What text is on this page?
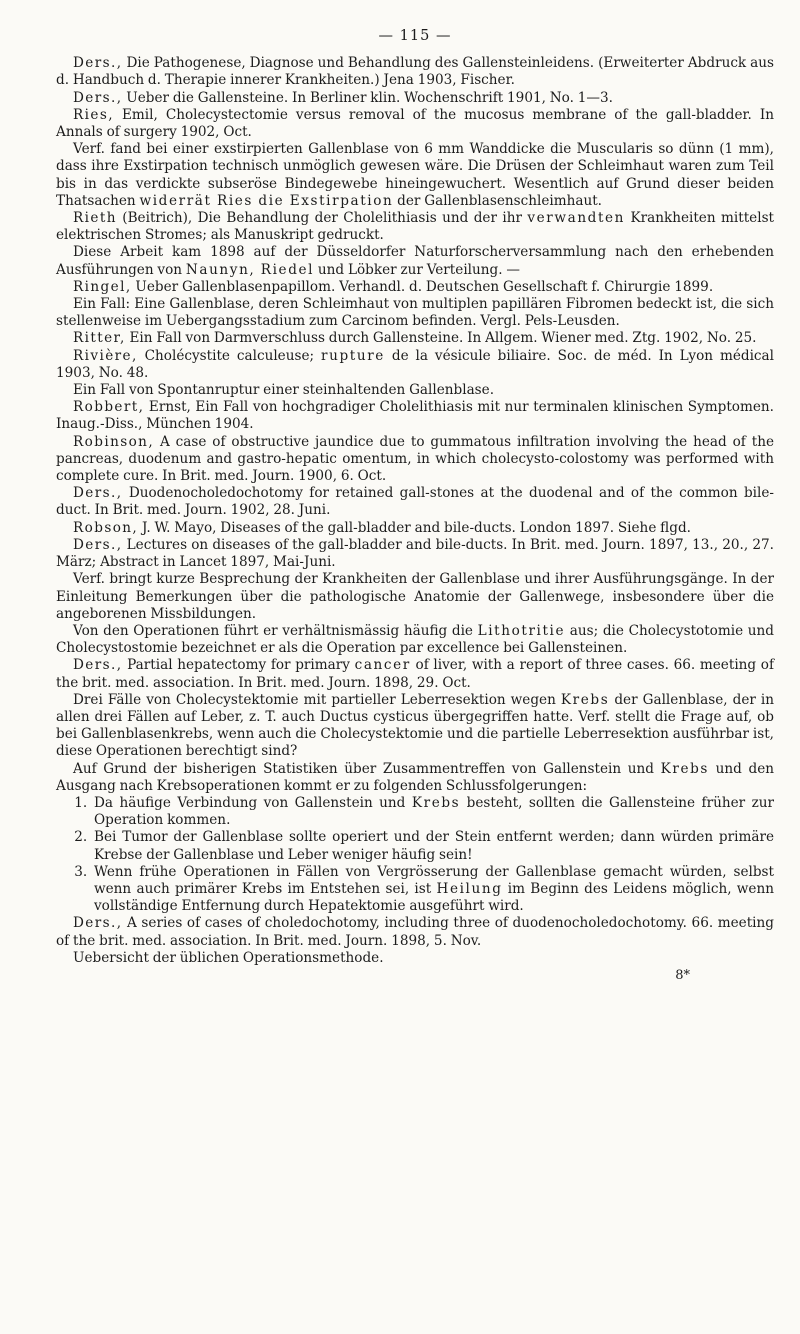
— 115 —

Ders., Die Pathogenese, Diagnose und Behandlung des Gallensteinleidens. (Erweiterter Abdruck aus d. Handbuch d. Therapie innerer Krankheiten.) Jena 1903, Fischer.

Ders., Ueber die Gallensteine. In Berliner klin. Wochenschrift 1901, No. 1—3.

Ries, Emil, Cholecystectomie versus removal of the mucosus membrane of the gall-bladder. In Annals of surgery 1902, Oct.

Verf. fand bei einer exstirpierten Gallenblase von 6 mm Wanddicke die Muscularis so dünn (1 mm), dass ihre Exstirpation technisch unmöglich gewesen wäre. Die Drüsen der Schleimhaut waren zum Teil bis in das verdickte subseröse Bindegewebe hineingewuchert. Wesentlich auf Grund dieser beiden Thatsachen widerrät Ries die Exstirpation der Gallenblasenschleimhaut.

Rieth (Beitrich), Die Behandlung der Cholelithiasis und der ihr verwandten Krankheiten mittelst elektrischen Stromes; als Manuskript gedruckt.

Diese Arbeit kam 1898 auf der Düsseldorfer Naturforscherversammlung nach den erhebenden Ausführungen von Naunyn, Riedel und Löbker zur Verteilung. —

Ringel, Ueber Gallenblasenpapillom. Verhandl. d. Deutschen Gesellschaft f. Chirurgie 1899.

Ein Fall: Eine Gallenblase, deren Schleimhaut von multiplen papillären Fibromen bedeckt ist, die sich stellenweise im Uebergangsstadium zum Carcinom befinden. Vergl. Pels-Leusden.

Ritter, Ein Fall von Darmverschluss durch Gallensteine. In Allgem. Wiener med. Ztg. 1902, No. 25.

Rivière, Cholécystite calculeuse; rupture de la vésicule biliaire. Soc. de méd. In Lyon médical 1903, No. 48.

Ein Fall von Spontanruptur einer steinhaltenden Gallenblase.

Robbert, Ernst, Ein Fall von hochgradiger Cholelithiasis mit nur terminalen klinischen Symptomen. Inaug.-Diss., München 1904.

Robinson, A case of obstructive jaundice due to gummatous infiltration involving the head of the pancreas, duodenum and gastro-hepatic omentum, in which cholecysto-colostomy was performed with complete cure. In Brit. med. Journ. 1900, 6. Oct.

Ders., Duodenocholedochotomy for retained gall-stones at the duodenal and of the common bile-duct. In Brit. med. Journ. 1902, 28. Juni.

Robson, J. W. Mayo, Diseases of the gall-bladder and bile-ducts. London 1897. Siehe flgd.

Ders., Lectures on diseases of the gall-bladder and bile-ducts. In Brit. med. Journ. 1897, 13., 20., 27. März; Abstract in Lancet 1897, Mai-Juni.

Verf. bringt kurze Besprechung der Krankheiten der Gallenblase und ihrer Ausführungsgänge. In der Einleitung Bemerkungen über die pathologische Anatomie der Gallenwege, insbesondere über die angeborenen Missbildungen.

Von den Operationen führt er verhältnismässig häufig die Lithotritie aus; die Cholecystotomie und Cholecystostomie bezeichnet er als die Operation par excellence bei Gallensteinen.

Ders., Partial hepatectomy for primary cancer of liver, with a report of three cases. 66. meeting of the brit. med. association. In Brit. med. Journ. 1898, 29. Oct.

Drei Fälle von Cholecystektomie mit partieller Leberresektion wegen Krebs der Gallenblase, der in allen drei Fällen auf Leber, z. T. auch Ductus cysticus übergegriffen hatte. Verf. stellt die Frage auf, ob bei Gallenblasenkrebs, wenn auch die Cholecystektomie und die partielle Leberresektion ausführbar ist, diese Operationen berechtigt sind?

Auf Grund der bisherigen Statistiken über Zusammentreffen von Gallenstein und Krebs und den Ausgang nach Krebsoperationen kommt er zu folgenden Schlussfolgerungen:

1. Da häufige Verbindung von Gallenstein und Krebs besteht, sollten die Gallensteine früher zur Operation kommen.
2. Bei Tumor der Gallenblase sollte operiert und der Stein entfernt werden; dann würden primäre Krebse der Gallenblase und Leber weniger häufig sein!
3. Wenn frühe Operationen in Fällen von Vergrösserung der Gallenblase gemacht würden, selbst wenn auch primärer Krebs im Entstehen sei, ist Heilung im Beginn des Leidens möglich, wenn vollständige Entfernung durch Hepatektomie ausgeführt wird.

Ders., A series of cases of choledochotomy, including three of duodenocholedochotomy. 66. meeting of the brit. med. association. In Brit. med. Journ. 1898, 5. Nov.

Uebersicht der üblichen Operationsmethode.

8*
